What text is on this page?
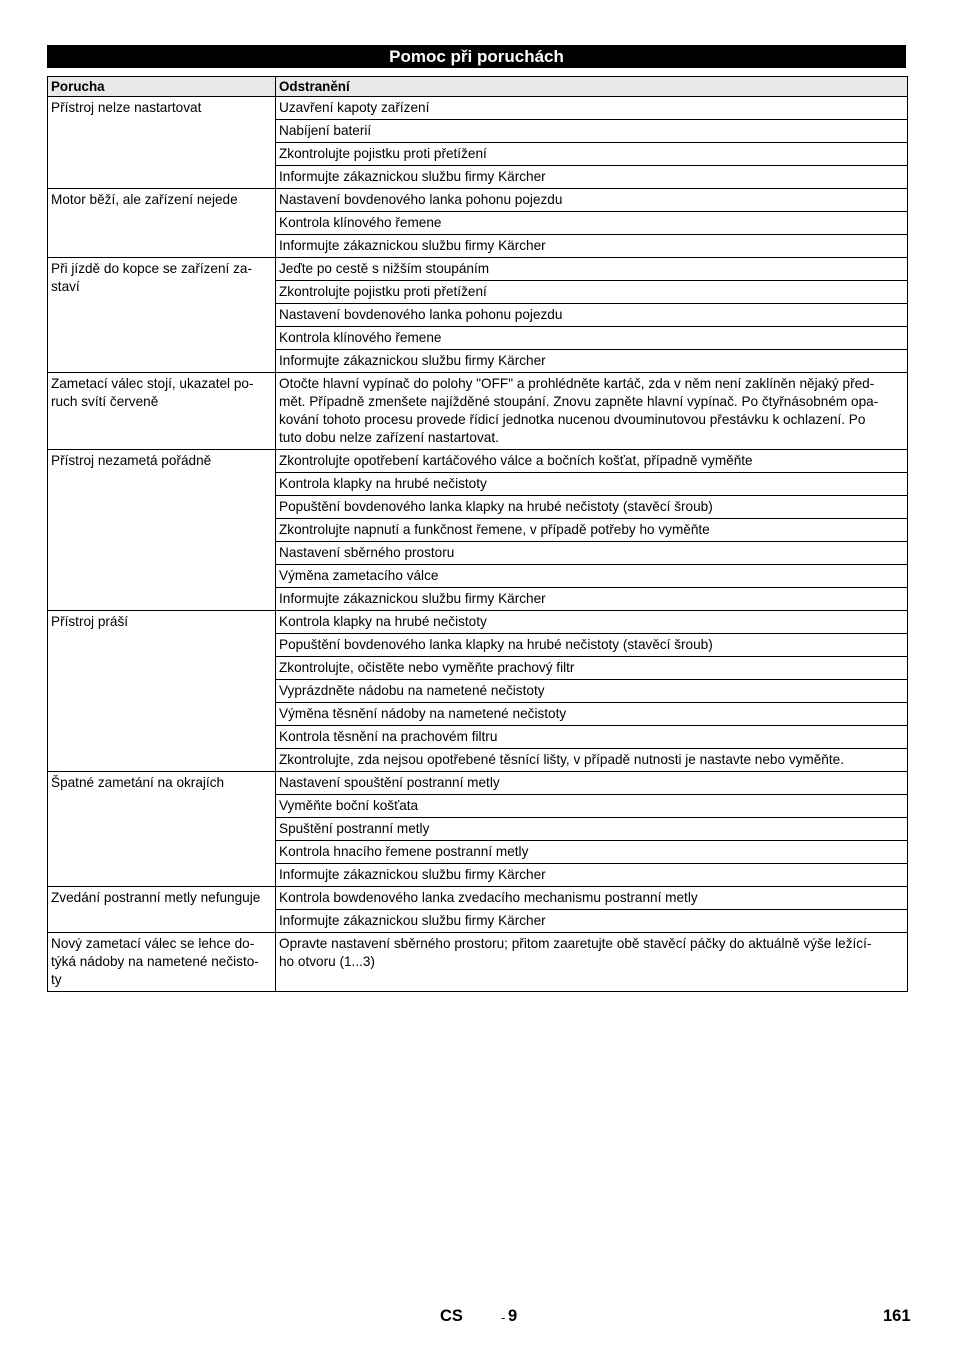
Pomoc při poruchách
Porucha	Odstranění
Přístroj nelze nastartovat	Uzavření kapoty zařízení
	Nabíjení baterií
	Zkontrolujte pojistku proti přetížení
	Informujte zákaznickou službu firmy Kärcher
Motor běží, ale zařízení nejede	Nastavení bovdenového lanka pohonu pojezdu
	Kontrola klínového řemene
	Informujte zákaznickou službu firmy Kärcher
Při jízdě do kopce se zařízení za-
staví	Jeďte po cestě s nižším stoupáním
	Zkontrolujte pojistku proti přetížení
	Nastavení bovdenového lanka pohonu pojezdu
	Kontrola klínového řemene
	Informujte zákaznickou službu firmy Kärcher
Zametací válec stojí, ukazatel po-
ruch svítí červeně	Otočte hlavní vypínač do polohy "OFF" a prohlédněte kartáč, zda v něm není zaklíněn nějaký před-
mět. Případně zmenšete najížděné stoupání. Znovu zapněte hlavní vypínač. Po čtyřnásobném opa-
kování tohoto procesu provede řídicí jednotka nucenou dvouminutovou přestávku k ochlazení. Po
tuto dobu nelze zařízení nastartovat.
Přístroj nezametá pořádně	Zkontrolujte opotřebení kartáčového válce a bočních košťat, případně vyměňte
	Kontrola klapky na hrubé nečistoty
	Popuštění bovdenového lanka klapky na hrubé nečistoty (stavěcí šroub)
	Zkontrolujte napnutí a funkčnost řemene, v případě potřeby ho vyměňte
	Nastavení sběrného prostoru
	Výměna zametacího válce
	Informujte zákaznickou službu firmy Kärcher
Přístroj práší	Kontrola klapky na hrubé nečistoty
	Popuštění bovdenového lanka klapky na hrubé nečistoty (stavěcí šroub)
	Zkontrolujte, očistěte nebo vyměňte prachový filtr
	Vyprázdněte nádobu na nametené nečistoty
	Výměna těsnění nádoby na nametené nečistoty
	Kontrola těsnění na prachovém filtru
	Zkontrolujte, zda nejsou opotřebené těsnící lišty, v případě nutnosti je nastavte nebo vyměňte.
Špatné zametání na okrajích	Nastavení spouštění postranní metly
	Vyměňte boční košťata
	Spuštění postranní metly
	Kontrola hnacího řemene postranní metly
	Informujte zákaznickou službu firmy Kärcher
Zvedání postranní metly nefunguje	Kontrola bowdenového lanka zvedacího mechanismu postranní metly
	Informujte zákaznickou službu firmy Kärcher
Nový zametací válec se lehce do-
týká nádoby na nametené nečisto-
ty	Opravte nastavení sběrného prostoru; přitom zaaretujte obě stavěcí páčky do aktuálně výše ležící-
ho otvoru (1...3)
CS	- 9	161
